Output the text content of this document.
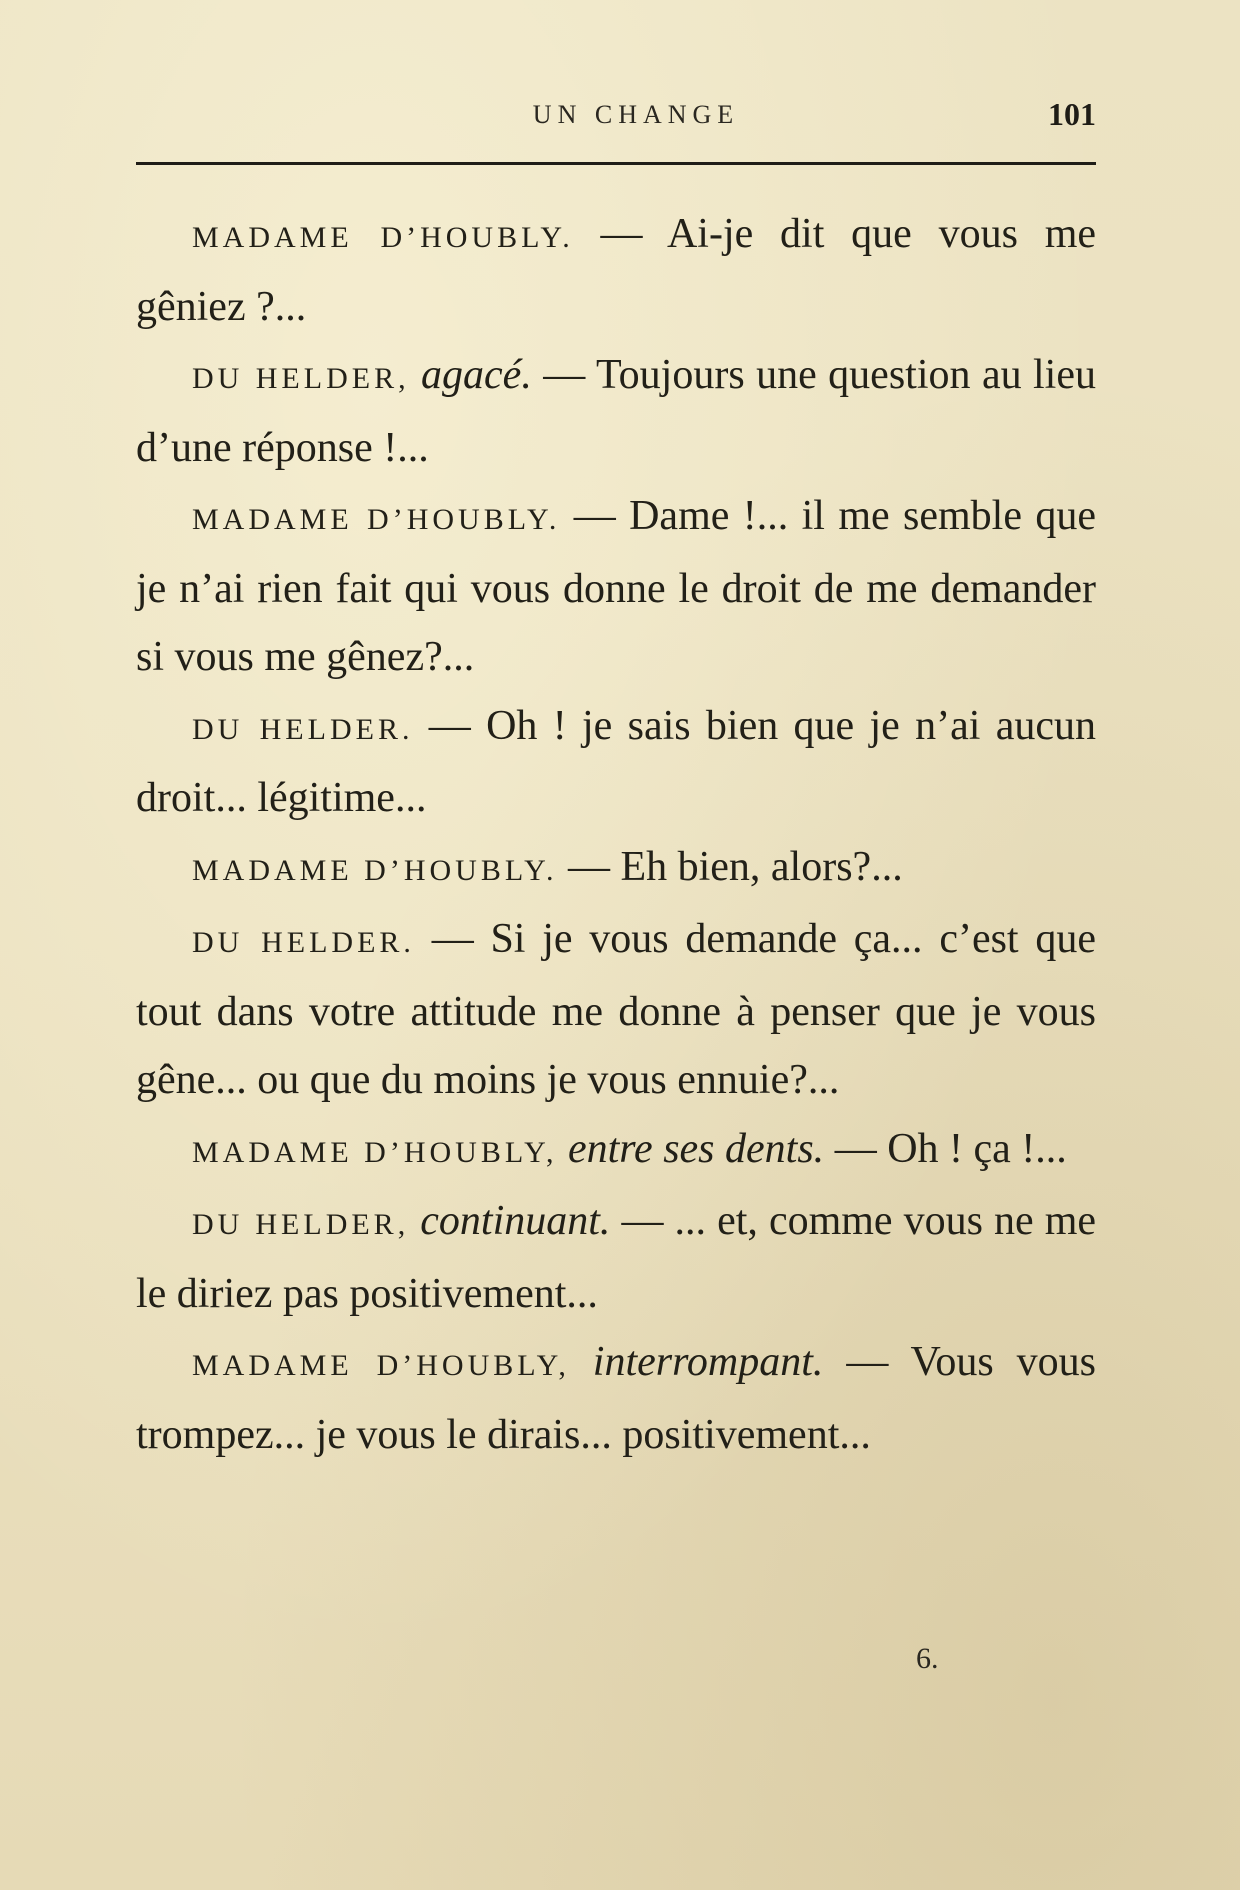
UN CHANGE	101

MADAME D’HOUBLY. — Ai-je dit que vous me gêniez ?...

DU HELDER, agacé. — Toujours une question au lieu d’une réponse !...

MADAME D’HOUBLY. — Dame !... il me semble que je n’ai rien fait qui vous donne le droit de me demander si vous me gênez?...

DU HELDER. — Oh ! je sais bien que je n’ai aucun droit... légitime...

MADAME D’HOUBLY. — Eh bien, alors?...

DU HELDER. — Si je vous demande ça... c’est que tout dans votre attitude me donne à penser que je vous gêne... ou que du moins je vous ennuie?...

MADAME D’HOUBLY, entre ses dents. — Oh ! ça !...

DU HELDER, continuant. — ... et, comme vous ne me le diriez pas positivement...

MADAME D’HOUBLY, interrompant. — Vous vous trompez... je vous le dirais... positivement...

6.
